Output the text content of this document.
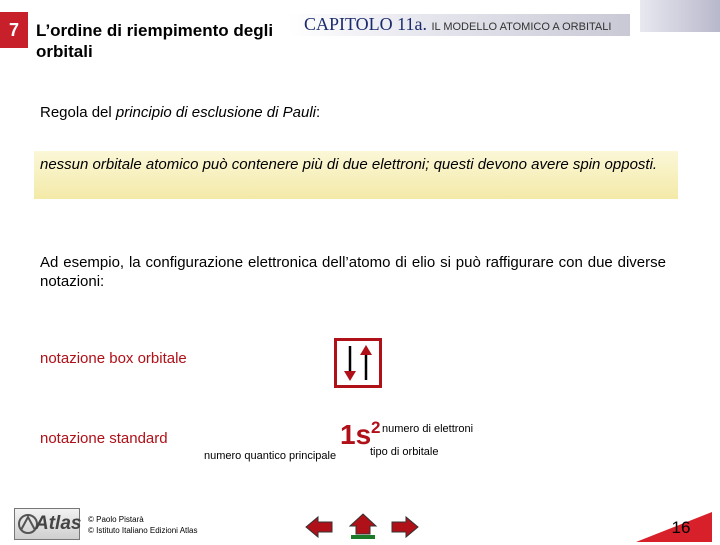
7	L’ordine di riempimento degli orbitali
CAPITOLO 11a. IL MODELLO ATOMICO A ORBITALI
Regola del principio di esclusione di Pauli:
nessun orbitale atomico può contenere più di due elettroni; questi devono avere spin opposti.
Ad esempio, la configurazione elettronica dell’atomo di elio si può raffigurare con due diverse notazioni:
notazione box orbitale
notazione standard	1s 2
numero quantico principale
numero di elettroni
tipo di orbitale
Atlas © Paolo Pistarà
© Istituto Italiano Edizioni Atlas	16
